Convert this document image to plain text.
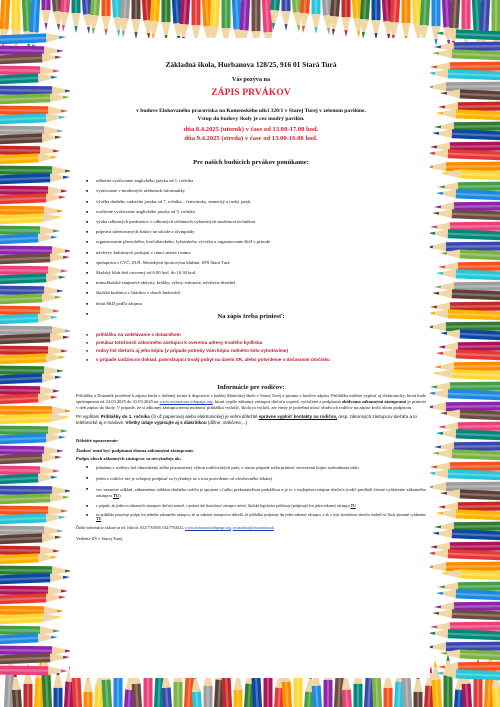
Základná škola, Hurbanova 128/25, 916 01 Stará Turá

Vás pozýva na

ZÁPIS PRVÁKOV

v budove Elokovaného pracoviska na Komenského ulici 320/1 v Starej Turej v zelenom pavilóne.

Vstup do budovy školy je cez modrý pavilón.

dňa 8.4.2025 (utorok) v čase od 13.00-17.00 hod.

dňa 9.4.2025 (streda) v čase od 13.00-16.00 hod.

Pre našich budúcich prvákov ponúkame:

■ odborné vyučovanie anglického jazyka od 1. ročníka
■ vyučovanie v moderných učebniach informatiky
■ výučba druhého cudzieho jazyka od 7. ročníka – francúzsky, nemecký a ruský jazyk
■ rozšírené vyučovanie anglického jazyka od 5. ročníka
■ výuka odborných predmetov v odborných učebniach vybavených modernou technikou
■ príprava talentovaných žiakov na súťaže a olympiády
■ organizovanie plaveckého, korčuliarskeho, lyžiarskeho výcviku a organizovanie škôl v prírode
■ návštevy kultúrnych podujatí v rámci mesta i mimo
■ spolupráca s CVČ, ZUŠ, Mestskými športovými klubmi, SPŠ Stará Turá
■ Školský klub detí otvorený od 6.00 hod. do 16.30 hod.
■ mimoškolské záujmové aktivity, krúžky, výlety, exkurzie, návštevu divadiel
■ školská knižnica s čitárňou v oboch budovách
■ letná ŠKD podľa záujmu

Na zápis treba priniesť:

■ prihlášku na vzdelávanie s dotazníkom
■ preukaz totožnosti zákonného zástupcu k overeniu adresy trvalého bydliska
■ rodný list dieťaťa aj jeho kópiu (v prípade potreby Vám kópiu rodného listu vyhotovíme)
■ v prípade cudzincov doklad, potvrdzujúci trvalý pobyt na území SR, alebo potvrdenie o dočasnom útočisku

Informácie pre rodičov:

Prihlášky a Dotazník potrebné k zápisu budú v tlačenej forme k dispozícii v každej Materskej škole v Starej Turej a priamo v budove zápisu. Prihlášku môžete vyplniť aj elektronicky, ktorá bude sprístupnená od 24.03.2025 do 31.03.2025 na www.zsstaratura.edupage.org, ktorú vypíše zákonný zástupca dieťaťa vopred, vytlačená a podpísaná obidvoma zákonnými zástupcami je prinesie v deň zápisu do školy. V prípade, že si zákonný zástupca nemá možnosť prihlášku vytlačiť, školu ju vytlačí, ale vtedy je potrebná účasť obidvoch rodičov na zápise kvôli obom podpisom.

Pri vypĺňaní Prihlášky do 1. ročníka (či už papierovej alebo elektronickej) je veľmi dôležité správne vyplniť kontakty na rodičov, resp. zákonných zástupcov dieťaťa a to telefonické aj e-mailové. Všetky údaje vypisujte aj s diakritikou (dĺžne, mäkčene,...)

Dôležité upozornenie:

Žiadosť musí byť podpísaná oboma zákonnými zástupcami.

Podpis oboch zákonných zástupcov sa nevyžaduje ak:

■ jednému z rodičov bol obmedzený alebo pozastavený výkon rodičovských práv, v tomto prípade treba priniesť neoverenú kópiu rozhodnutia súdu
■ jeden z rodičov nie je schopný podpísať sa (vyžaduje sa o tom potvrdenie od všeobecného lekára)
■ vec neznesie odklad, zákonnému súhlasu druhého rodiča je spojené s ťažko prekonateľnou prekážkou a je to v najlepšom záujme dieťaťa (rodič predloží čestné vyhlásenie zákonného zástupcu TU)
■ v prípade, ak jeden zo zákonných zástupcov dieťaťa zomrel, v podaní tiež skutočnosť zástupca uviesť; školská legislatíva prihlasuje (podpisuje) len jeden zákonný zástupca TU
■ na prihláške postačuje podpis len jedného zákonného zástupcu, ak sa zákonní zástupcovia dohodli, že prihlášku podpisuje iba jeden zákonný zástupca, a ak o tejto skutočnosti doručia riaditeľovi školy písomné vyhlásenie TU

Ďalšie informácie získate na tel. čísloch: 032/7763939, 032/7763022, www.zsstaratura.edupage.org, zsstaratura@zsstaratura.sk

Vedenie ZŠ v Starej Turej
